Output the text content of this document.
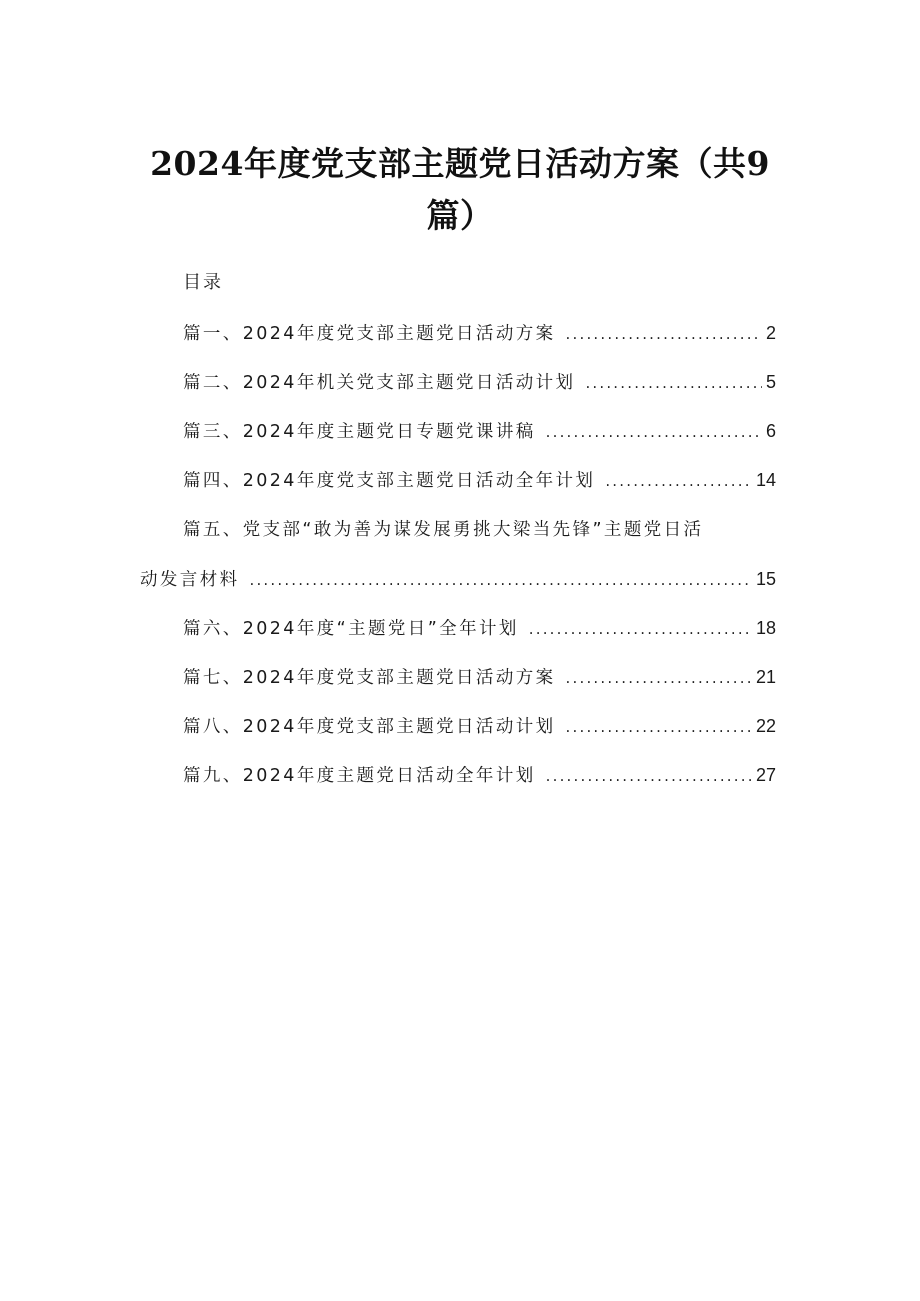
2024年度党支部主题党日活动方案（共9
篇）
目录
篇一、2024年度党支部主题党日活动方案 .....	2
篇二、2024年机关党支部主题党日活动计划 .....	5
篇三、2024年度主题党日专题党课讲稿 .....	6
篇四、2024年度党支部主题党日活动全年计划 .....	14
篇五、党支部“敢为善为谋发展勇挑大梁当先锋”主题党日活
动发言材料 .....	15
篇六、2024年度“主题党日”全年计划 .....	18
篇七、2024年度党支部主题党日活动方案 .....	21
篇八、2024年度党支部主题党日活动计划 .....	22
篇九、2024年度主题党日活动全年计划 .....	27
